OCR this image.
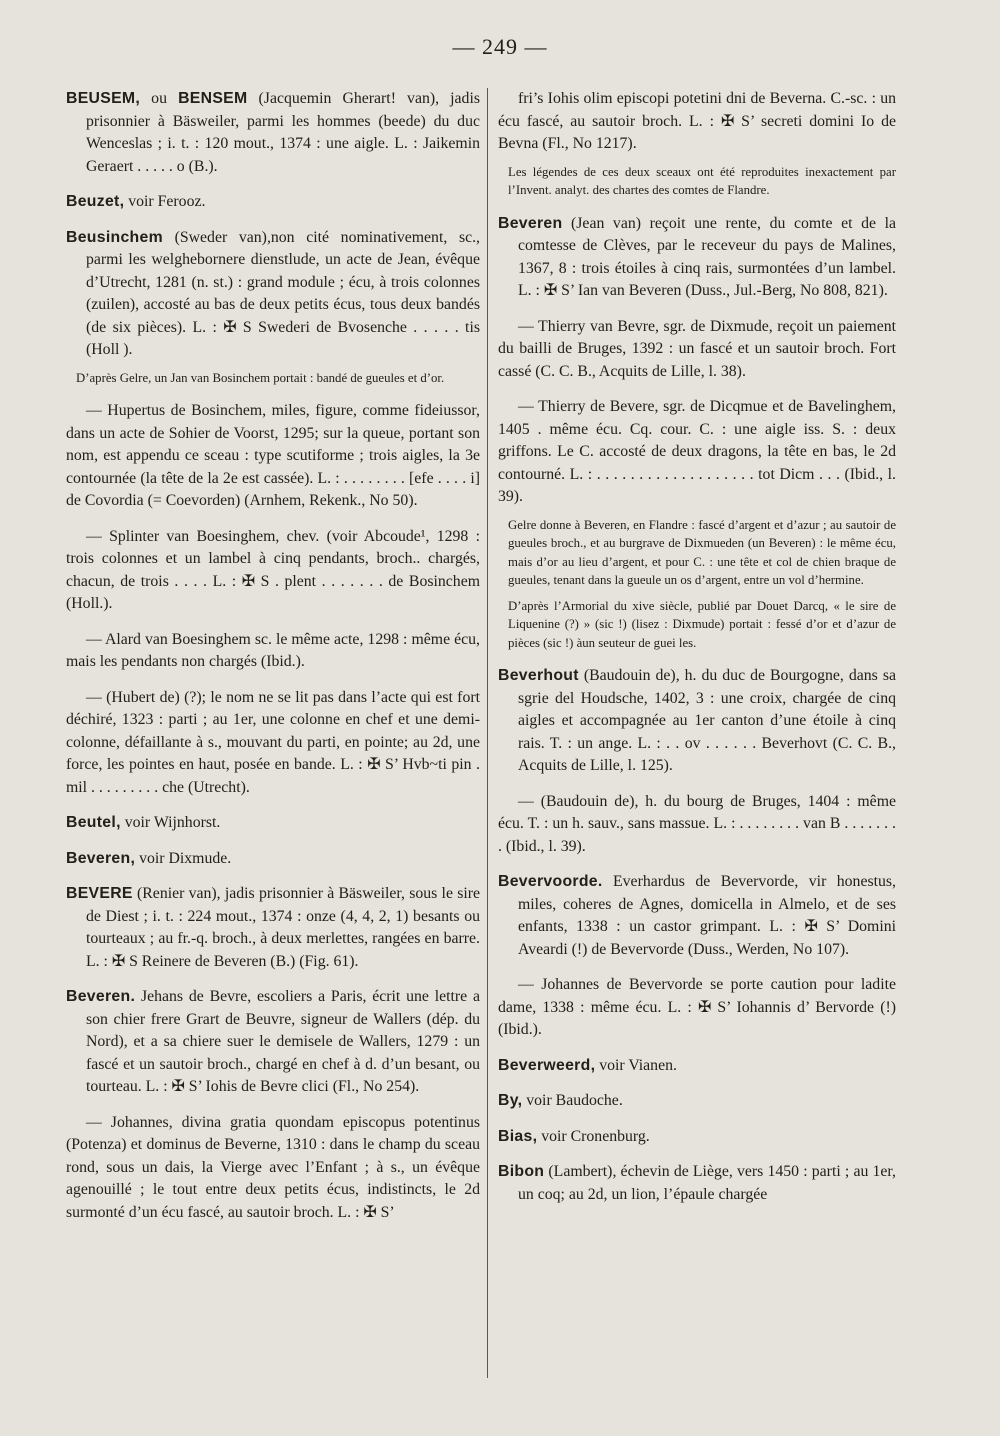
— 249 —

BEUSEM, ou BENSEM (Jacquemin Gherart! van), jadis prisonnier à Bäsweiler, parmi les hommes (beede) du duc Wenceslas ; i. t. : 120 mout., 1374 : une aigle. L. : Jaikemin Geraert . . . . . o (B.).

Beuzet, voir Ferooz.

Beusinchem (Sweder van),non cité nominativement, sc., parmi les welghebornere dienstlude, un acte de Jean, évêque d’Utrecht, 1281 (n. st.) : grand module ; écu, à trois colonnes (zuilen), accosté au bas de deux petits écus, tous deux bandés (de six pièces). L. : ✠ S Swederi de Bvosenche . . . . . tis (Holl ).

D’après Gelre, un Jan van Bosinchem portait : bandé de gueules et d’or.

— Hupertus de Bosinchem, miles, figure, comme fideiussor, dans un acte de Sohier de Voorst, 1295; sur la queue, portant son nom, est appendu ce sceau : type scutiforme ; trois aigles, la 3e contournée (la tête de la 2e est cassée). L. : . . . . . . . . [efe . . . . i] de Covordia (= Coevorden) (Arnhem, Rekenk., No 50).

— Splinter van Boesinghem, chev. (voir Abcoude¹, 1298 : trois colonnes et un lambel à cinq pendants, broch.. chargés, chacun, de trois . . . . L. : ✠ S . plent . . . . . . . de Bosinchem (Holl.).

— Alard van Boesinghem sc. le même acte, 1298 : même écu, mais les pendants non chargés (Ibid.).

— (Hubert de) (?); le nom ne se lit pas dans l’acte qui est fort déchiré, 1323 : parti ; au 1er, une colonne en chef et une demi-colonne, défaillante à s., mouvant du parti, en pointe; au 2d, une force, les pointes en haut, posée en bande. L. : ✠ S’ Hvb~ti pin . mil . . . . . . . . . che (Utrecht).

Beutel, voir Wijnhorst.

Beveren, voir Dixmude.

BEVERE (Renier van), jadis prisonnier à Bäsweiler, sous le sire de Diest ; i. t. : 224 mout., 1374 : onze (4, 4, 2, 1) besants ou tourteaux ; au fr.-q. broch., à deux merlettes, rangées en barre. L. : ✠ S Reinere de Beveren (B.) (Fig. 61).

Beveren. Jehans de Bevre, escoliers a Paris, écrit une lettre a son chier frere Grart de Beuvre, signeur de Wallers (dép. du Nord), et a sa chiere suer le demisele de Wallers, 1279 : un fascé et un sautoir broch., chargé en chef à d. d’un besant, ou tourteau. L. : ✠ S’ Iohis de Bevre clici (Fl., No 254).

— Johannes, divina gratia quondam episcopus potentinus (Potenza) et dominus de Beverne, 1310 : dans le champ du sceau rond, sous un dais, la Vierge avec l’Enfant ; à s., un évêque agenouillé ; le tout entre deux petits écus, indistincts, le 2d surmonté d’un écu fascé, au sautoir broch. L. : ✠ S’

fri’s Iohis olim episcopi potetini dni de Beverna. C.-sc. : un écu fascé, au sautoir broch. L. : ✠ S’ secreti domini Io de Bevna (Fl., No 1217).

Les légendes de ces deux sceaux ont été reproduites inexactement par l’Invent. analyt. des chartes des comtes de Flandre.

Beveren (Jean van) reçoit une rente, du comte et de la comtesse de Clèves, par le receveur du pays de Malines, 1367, 8 : trois étoiles à cinq rais, surmontées d’un lambel. L. : ✠ S’ Ian van Beveren (Duss., Jul.-Berg, No 808, 821).

— Thierry van Bevre, sgr. de Dixmude, reçoit un paiement du bailli de Bruges, 1392 : un fascé et un sautoir broch. Fort cassé (C. C. B., Acquits de Lille, l. 38).

— Thierry de Bevere, sgr. de Dicqmue et de Bavelinghem, 1405 . même écu. Cq. cour. C. : une aigle iss. S. : deux griffons. Le C. accosté de deux dragons, la tête en bas, le 2d contourné. L. : . . . . . . . . . . . . . . . . . . . tot Dicm . . . (Ibid., l. 39).

Gelre donne à Beveren, en Flandre : fascé d’argent et d’azur ; au sautoir de gueules broch., et au burgrave de Dixmueden (un Beveren) : le même écu, mais d’or au lieu d’argent, et pour C. : une tête et col de chien braque de gueules, tenant dans la gueule un os d’argent, entre un vol d’hermine.

D’après l’Armorial du xive siècle, publié par Douet Darcq, « le sire de Liquenine (?) » (sic !) (lisez : Dixmude) portait : fessé d’or et d’azur de pièces (sic !) àun seuteur de guei les.

Beverhout (Baudouin de), h. du duc de Bourgogne, dans sa sgrie del Houdsche, 1402, 3 : une croix, chargée de cinq aigles et accompagnée au 1er canton d’une étoile à cinq rais. T. : un ange. L. : . . ov . . . . . . Beverhovt (C. C. B., Acquits de Lille, l. 125).

— (Baudouin de), h. du bourg de Bruges, 1404 : même écu. T. : un h. sauv., sans massue. L. : . . . . . . . . van B . . . . . . . . (Ibid., l. 39).

Bevervoorde. Everhardus de Bevervorde, vir honestus, miles, coheres de Agnes, domicella in Almelo, et de ses enfants, 1338 : un castor grimpant. L. : ✠ S’ Domini Aveardi (!) de Bevervorde (Duss., Werden, No 107).

— Johannes de Bevervorde se porte caution pour ladite dame, 1338 : même écu. L. : ✠ S’ Iohannis d’ Bervorde (!) (Ibid.).

Beverweerd, voir Vianen.

By, voir Baudoche.

Bias, voir Cronenburg.

Bibon (Lambert), échevin de Liège, vers 1450 : parti ; au 1er, un coq; au 2d, un lion, l’épaule chargée
